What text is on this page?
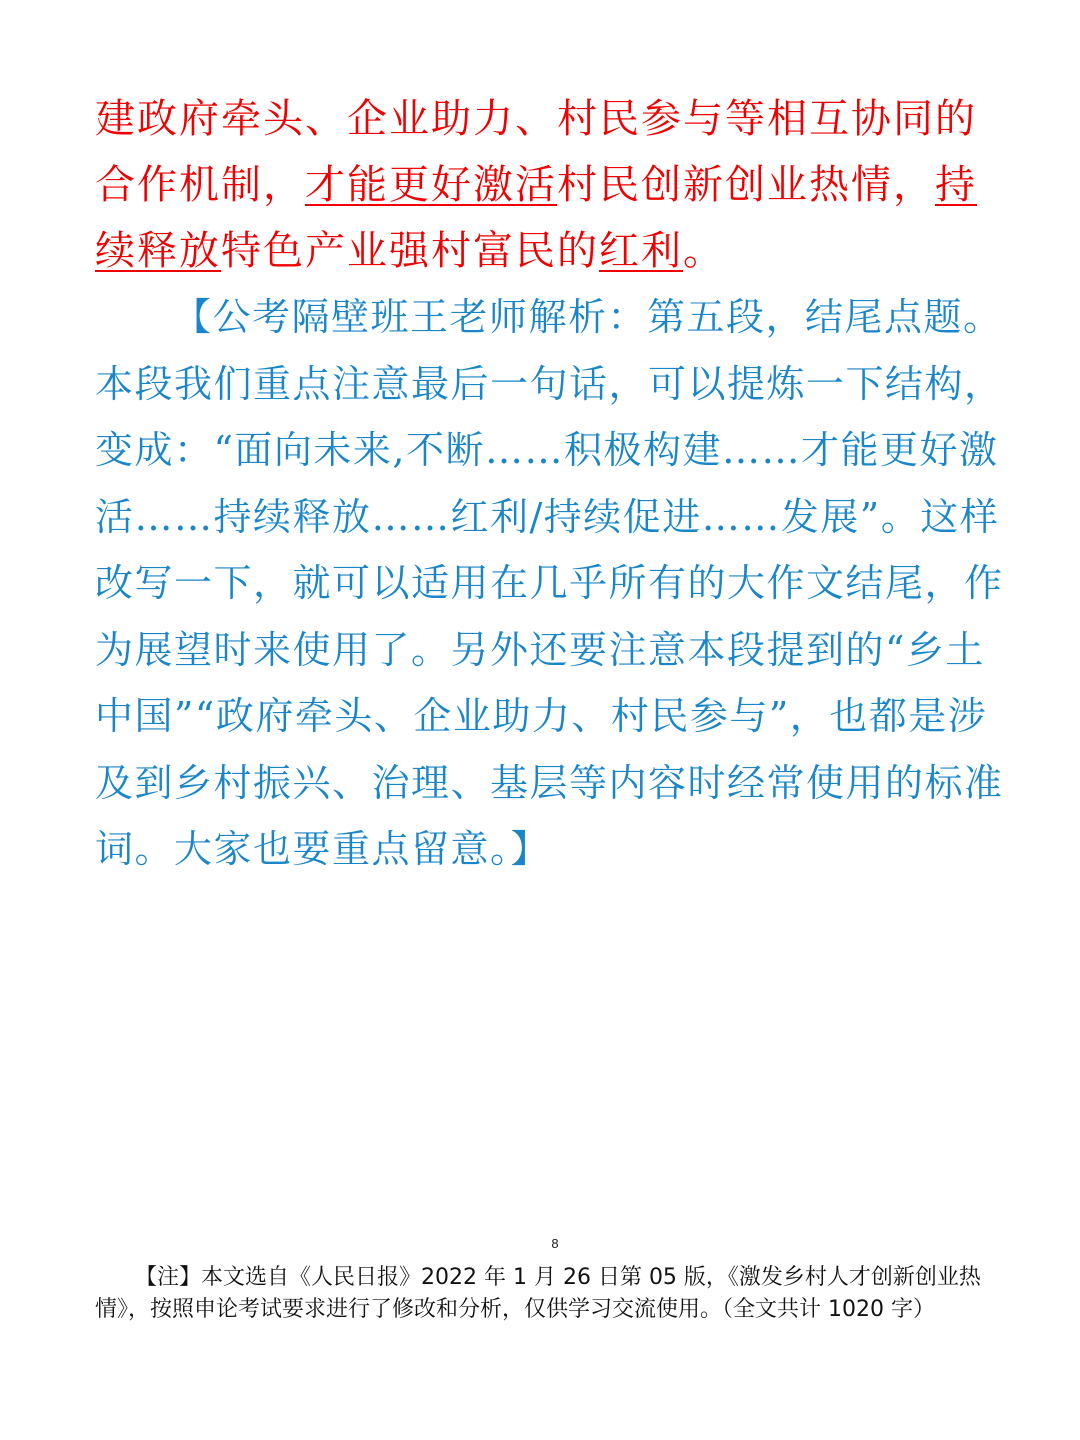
建政府牵头、企业助力、村民参与等相互协同的合作机制，才能更好激活村民创新创业热情，持续释放特色产业强村富民的红利。

【公考隔壁班王老师解析：第五段，结尾点题。本段我们重点注意最后一句话，可以提炼一下结构，变成：“面向未来,不断……积极构建……才能更好激活……持续释放……红利/持续促进……发展”。这样改写一下，就可以适用在几乎所有的大作文结尾，作为展望时来使用了。另外还要注意本段提到的“乡土中国”“政府牵头、企业助力、村民参与”，也都是涉及到乡村振兴、治理、基层等内容时经常使用的标准词。大家也要重点留意。】

8

【注】本文选自《人民日报》2022 年 1 月 26 日第 05 版，《激发乡村人才创新创业热情》，按照申论考试要求进行了修改和分析，仅供学习交流使用。（全文共计 1020 字）
